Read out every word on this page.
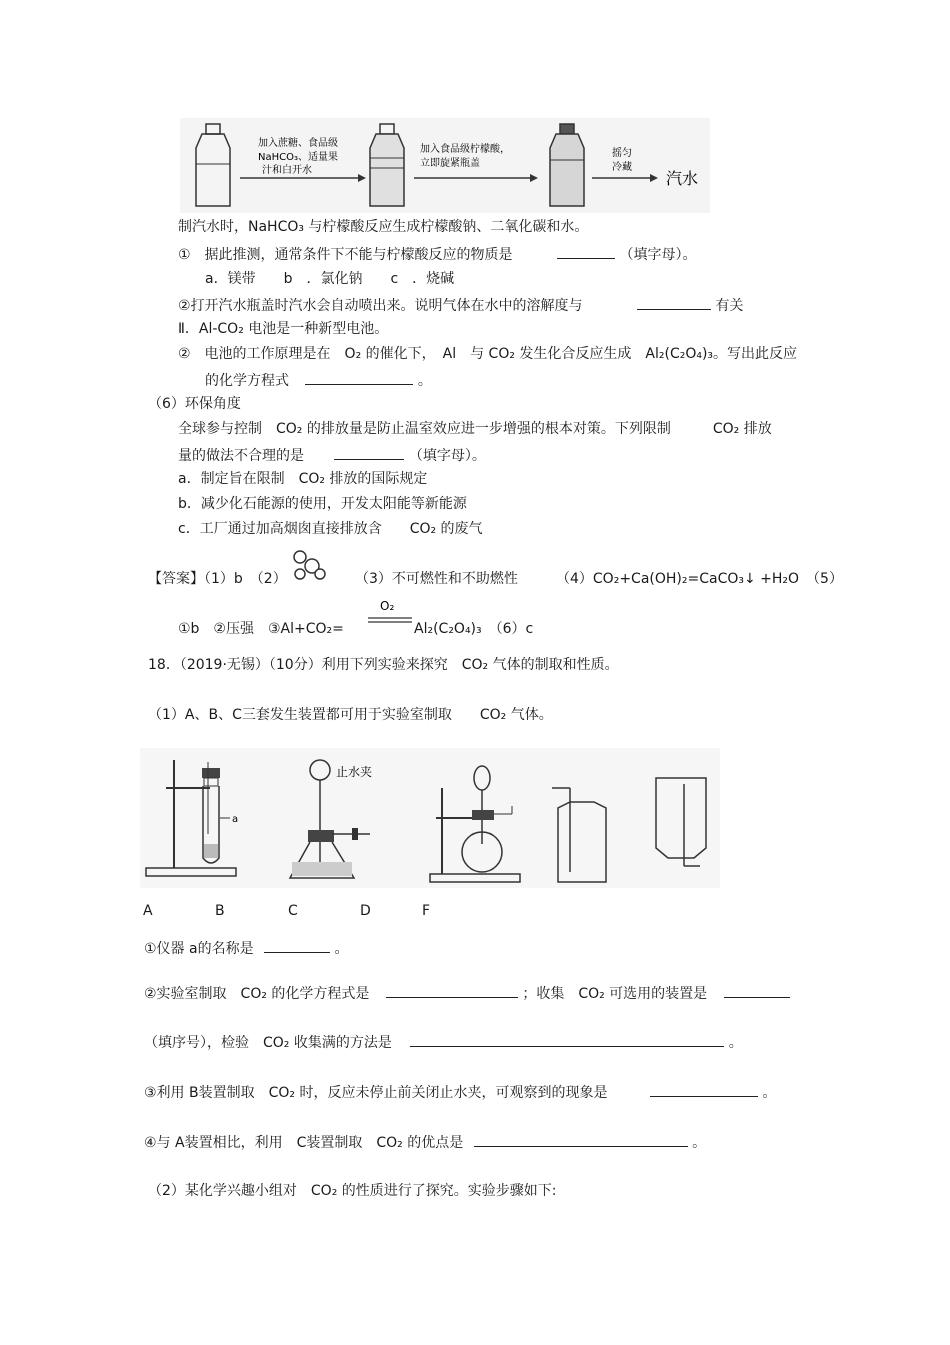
加入蔗糖、食品级
NaHCO₃、适量果
汁和白开水
加入食品级柠檬酸，
立即旋紧瓶盖
摇匀
冷藏
汽水
制汽水时，NaHCO₃ 与柠檬酸反应生成柠檬酸钠、二氧化碳和水。
①　据此推测，通常条件下不能与柠檬酸反应的物质是	（填字母）。
a．镁带　　b　．氯化钠　　c　．烧碱
②打开汽水瓶盖时汽水会自动喷出来。说明气体在水中的溶解度与	有关
Ⅱ．Al-CO₂ 电池是一种新型电池。
②　电池的工作原理是在　O₂ 的催化下，　Al　与 CO₂ 发生化合反应生成　Al₂(C₂O₄)₃。写出此反应
的化学方程式	。
（6）环保角度
全球参与控制　CO₂ 的排放量是防止温室效应进一步增强的根本对策。下列限制　　　CO₂ 排放
量的做法不合理的是	（填字母）。
a．制定旨在限制　CO₂ 排放的国际规定
b．减少化石能源的使用，开发太阳能等新能源
c．工厂通过加高烟囱直接排放含　　CO₂ 的废气
【答案】（1）b　（2）	（3）不可燃性和不助燃性	（4）CO₂+Ca(OH)₂=CaCO₃↓ +H₂O　（5）
①b　②压强　③Al+CO₂=
O₂
Al₂(C₂O₄)₃　（6）c
18．（2019·无锡）（10分）利用下列实验来探究　CO₂ 气体的制取和性质。
（1）A、B、C三套发生装置都可用于实验室制取　　CO₂ 气体。
a
止水夹
A	B	C	D	F
①仪器 a的名称是	。
②实验室制取　CO₂ 的化学方程式是	；收集　CO₂ 可选用的装置是
（填序号），检验　CO₂ 收集满的方法是	。
③利用 B装置制取　CO₂ 时，反应未停止前关闭止水夹，可观察到的现象是	。
④与 A装置相比，利用　C装置制取　CO₂ 的优点是	。
（2）某化学兴趣小组对　CO₂ 的性质进行了探究。实验步骤如下:
